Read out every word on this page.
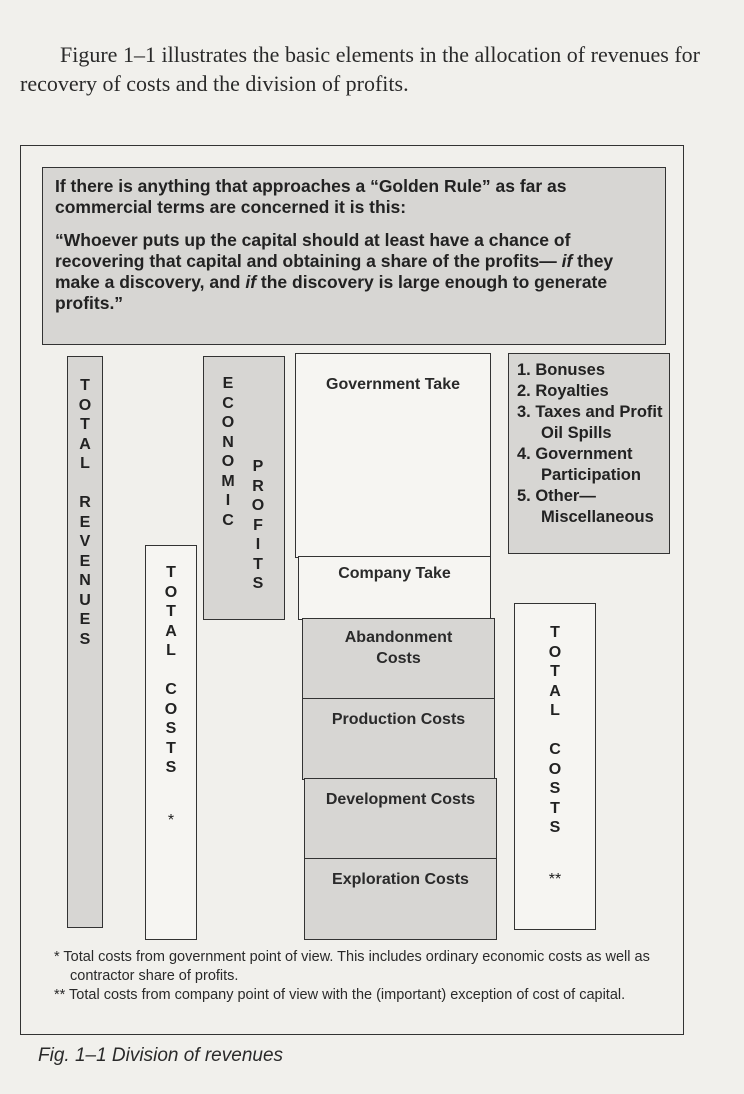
Figure 1–1 illustrates the basic elements in the allocation of revenues for recovery of costs and the division of profits.

If there is anything that approaches a “Golden Rule” as far as commercial terms are concerned it is this:

“Whoever puts up the capital should at least have a chance of recovering that capital and obtaining a share of the profits— if they make a discovery, and if the discovery is large enough to generate profits.”

T
O
T
A
L
R
E
V
E
N
U
E
S
T
O
T
A
L
C
O
S
T
S
*
E
C
O
N
O
M
I
C
P
R
O
F
I
T
S
Government Take
Company Take
Abandonment Costs
Production Costs
Development Costs
Exploration Costs
1. Bonuses
2. Royalties
3. Taxes and Profit Oil Spills
4. Government Participation
5. Other— Miscellaneous
T
O
T
A
L
C
O
S
T
S
**
* Total costs from government point of view. This includes ordinary economic costs as well as contractor share of profits.
** Total costs from company point of view with the (important) exception of cost of capital.
Fig. 1–1 Division of revenues
